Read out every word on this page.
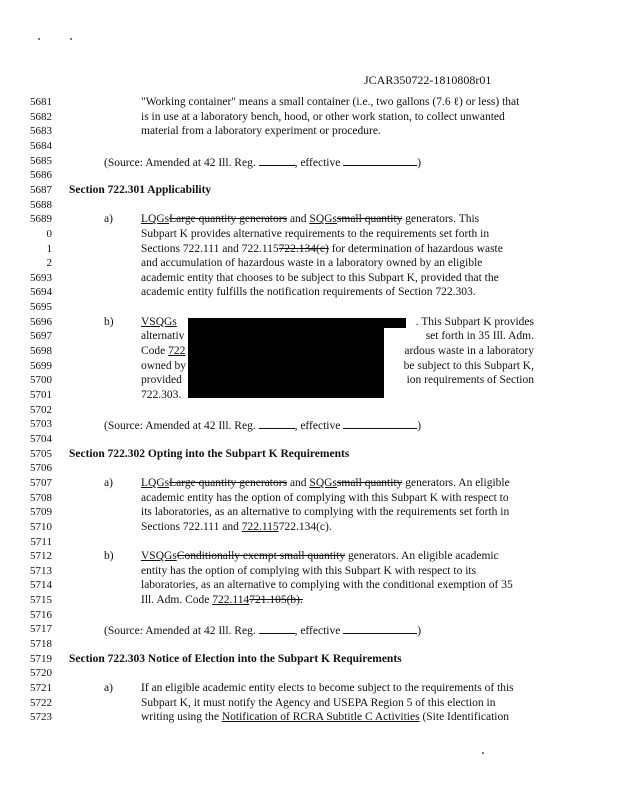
JCAR350722-1810808r01
5681	"Working container" means a small container (i.e., two gallons (7.6 ℓ) or less) that
5682	is in use at a laboratory bench, hood, or other work station, to collect unwanted
5683	material from a laboratory experiment or procedure.
5684
5685	(Source: Amended at 42 Ill. Reg.	, effective	)
5686
5687 Section 722.301 Applicability
5688
5689	a) LQGsLarge quantity generators and SQGssmall quantity generators. This
0	Subpart K provides alternative requirements to the requirements set forth in
1	Sections 722.111 and 722.115722.134(c) for determination of hazardous waste
2	and accumulation of hazardous waste in a laboratory owned by an eligible
5693	academic entity that chooses to be subject to this Subpart K, provided that the
5694	academic entity fulfills the notification requirements of Section 722.303.
5695
5696	b) VSQGs	. This Subpart K provides
5697	alternativ	set forth in 35 Ill. Adm.
5698	Code 722	ardous waste in a laboratory
5699	owned by	be subject to this Subpart K,
5700	provided	ion requirements of Section
5701	722.303.
5702
5703	(Source: Amended at 42 Ill. Reg.	, effective	)
5704
5705 Section 722.302 Opting into the Subpart K Requirements
5706
5707	a) LQGsLarge quantity generators and SQGssmall quantity generators. An eligible
5708	academic entity has the option of complying with this Subpart K with respect to
5709	its laboratories, as an alternative to complying with the requirements set forth in
5710	Sections 722.111 and 722.115722.134(c).
5711
5712	b) VSQGsConditionally exempt small quantity generators. An eligible academic
5713	entity has the option of complying with this Subpart K with respect to its
5714	laboratories, as an alternative to complying with the conditional exemption of 35
5715	Ill. Adm. Code 722.114721.105(b).
5716
5717	(Source: Amended at 42 Ill. Reg.	, effective	)
5718
5719 Section 722.303 Notice of Election into the Subpart K Requirements
5720
5721	a) If an eligible academic entity elects to become subject to the requirements of this
5722	Subpart K, it must notify the Agency and USEPA Region 5 of this election in
5723	writing using the Notification of RCRA Subtitle C Activities (Site Identification
